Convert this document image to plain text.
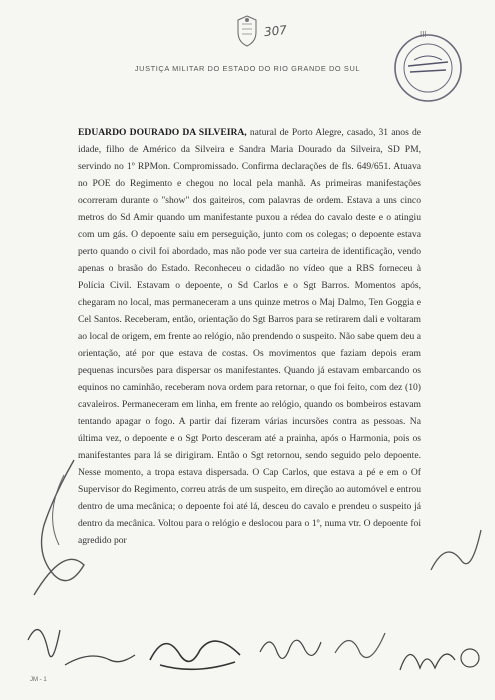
307	III
JUSTIÇA MILITAR DO ESTADO DO RIO GRANDE DO SUL
EDUARDO DOURADO DA SILVEIRA, natural de Porto Alegre, casado, 31 anos de idade, filho de Américo da Silveira e Sandra Maria Dourado da Silveira, SD PM, servindo no 1º RPMon. Compromissado. Confirma declarações de fls. 649/651. Atuava no POE do Regimento e chegou no local pela manhã. As primeiras manifestações ocorreram durante o "show" dos gaiteiros, com palavras de ordem. Estava a uns cinco metros do Sd Amir quando um manifestante puxou a rédea do cavalo deste e o atingiu com um gás. O depoente saiu em perseguição, junto com os colegas; o depoente estava perto quando o civil foi abordado, mas não pode ver sua carteira de identificação, vendo apenas o brasão do Estado. Reconheceu o cidadão no vídeo que a RBS forneceu à Polícia Civil. Estavam o depoente, o Sd Carlos e o Sgt Barros. Momentos após, chegaram no local, mas permaneceram a uns quinze metros o Maj Dalmo, Ten Goggia e Cel Santos. Receberam, então, orientação do Sgt Barros para se retirarem dali e voltaram ao local de origem, em frente ao relógio, não prendendo o suspeito. Não sabe quem deu a orientação, até por que estava de costas. Os movimentos que faziam depois eram pequenas incursões para dispersar os manifestantes. Quando já estavam embarcando os equinos no caminhão, receberam nova ordem para retornar, o que foi feito, com dez (10) cavaleiros. Permaneceram em linha, em frente ao relógio, quando os bombeiros estavam tentando apagar o fogo. A partir daí fizeram várias incursões contra as pessoas. Na última vez, o depoente e o Sgt Porto desceram até a prainha, após o Harmonia, pois os manifestantes para lá se dirigiram. Então o Sgt retornou, sendo seguido pelo depoente. Nesse momento, a tropa estava dispersada. O Cap Carlos, que estava a pé e em o Of Supervisor do Regimento, correu atrás de um suspeito, em direção ao automóvel e entrou dentro de uma mecânica; o depoente foi até lá, desceu do cavalo e prendeu o suspeito já dentro da mecânica. Voltou para o relógio e deslocou para o 1º, numa vtr. O depoente foi agredido por
JM - 1
